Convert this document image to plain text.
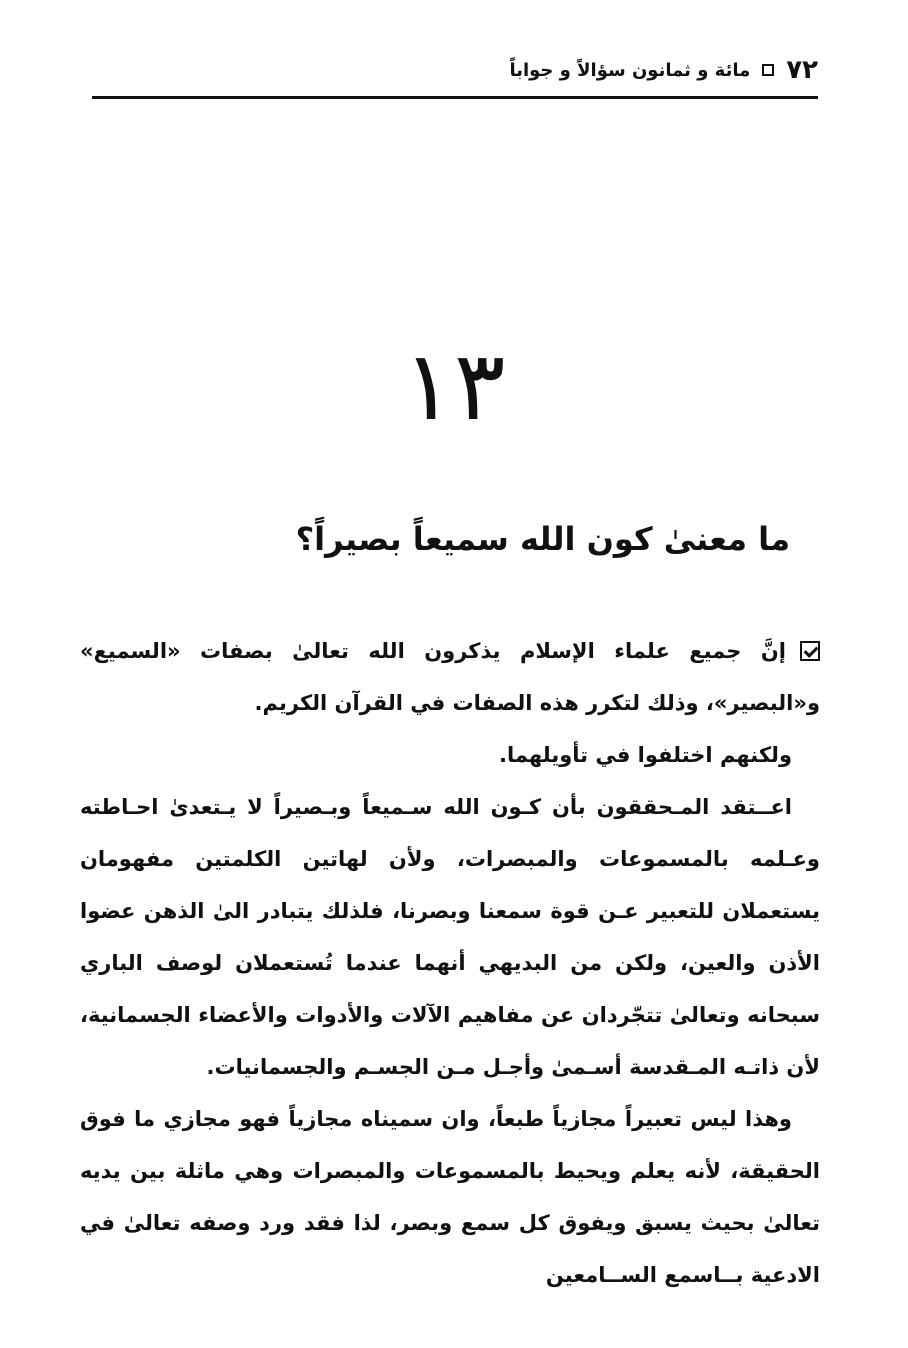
٧٢
مائة و ثمانون سؤالاً و جواباً
١٣
ما معنىٰ كون الله سميعاً بصيراً؟

إنَّ جميع علماء الإسلام يذكرون الله تعالىٰ بصفات «السميع» و«البصير»، وذلك لتكرر هذه الصفات في القرآن الكريم.

ولكنهم اختلفوا في تأويلهما.

اعــتقد المـحققون بأن كـون الله سـميعاً وبـصيراً لا يـتعدىٰ احـاطته وعـلمه بالمسموعات والمبصرات، ولأن لهاتين الكلمتين مفهومان يستعملان للتعبير عـن قوة سمعنا وبصرنا، فلذلك يتبادر الىٰ الذهن عضوا الأذن والعين، ولكن من البديهي أنهما عندما تُستعملان لوصف الباري سبحانه وتعالىٰ تتجّردان عن مفاهيم الآلات والأدوات والأعضاء الجسمانية، لأن ذاتـه المـقدسة أسـمىٰ وأجـل مـن الجسـم والجسمانيات.

وهذا ليس تعبيراً مجازياً طبعاً، وان سميناه مجازياً فهو مجازي ما فوق الحقيقة، لأنه يعلم ويحيط بالمسموعات والمبصرات وهي ماثلة بين يديه تعالىٰ بحيث يسبق ويفوق كل سمع وبصر، لذا فقد ورد وصفه تعالىٰ في الادعية بــاسمع الســامعين
